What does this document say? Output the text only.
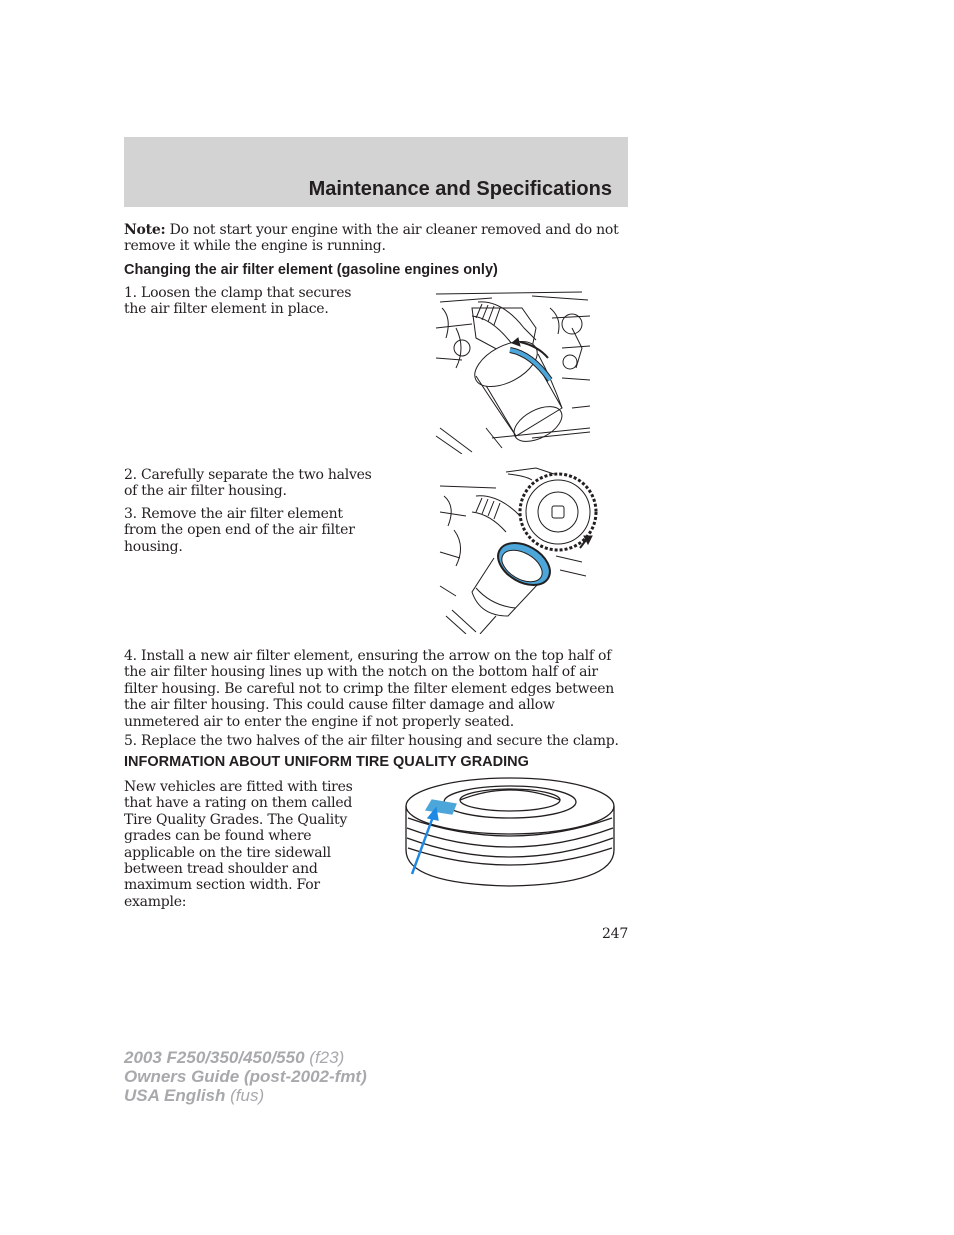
Maintenance and Specifications

Note: Do not start your engine with the air cleaner removed and do not remove it while the engine is running.

Changing the air filter element (gasoline engines only)

1. Loosen the clamp that secures the air filter element in place.

2. Carefully separate the two halves of the air filter housing.

3. Remove the air filter element from the open end of the air filter housing.

4. Install a new air filter element, ensuring the arrow on the top half of the air filter housing lines up with the notch on the bottom half of air filter housing. Be careful not to crimp the filter element edges between the air filter housing. This could cause filter damage and allow unmetered air to enter the engine if not properly seated.

5. Replace the two halves of the air filter housing and secure the clamp.

INFORMATION ABOUT UNIFORM TIRE QUALITY GRADING

New vehicles are fitted with tires that have a rating on them called Tire Quality Grades. The Quality grades can be found where applicable on the tire sidewall between tread shoulder and maximum section width. For example:

247

2003 F250/350/450/550 (f23)
Owners Guide (post-2002-fmt)
USA English (fus)
